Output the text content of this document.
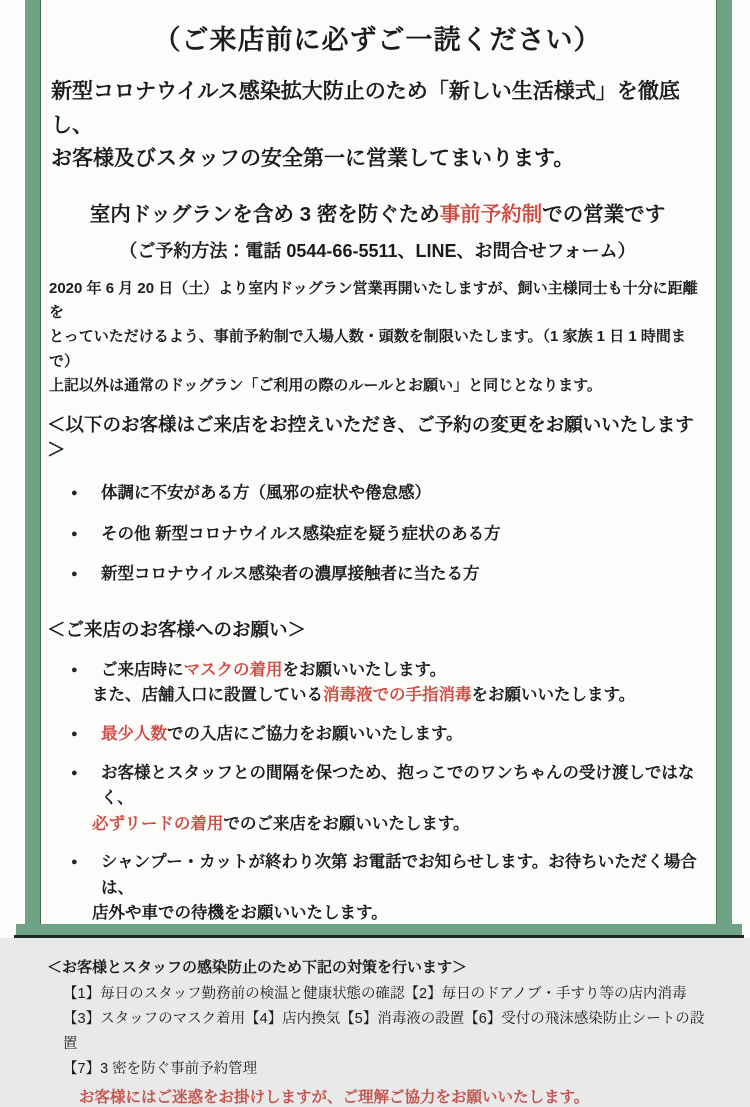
（ご来店前に必ずご一読ください）
新型コロナウイルス感染拡大防止のため「新しい生活様式」を徹底し、
お客様及びスタッフの安全第一に営業してまいります。
室内ドッグランを含め 3 密を防ぐため事前予約制での営業です
（ご予約方法：電話 0544-66-5511、LINE、お問合せフォーム）
2020 年 6 月 20 日（土）より室内ドッグラン営業再開いたしますが、飼い主様同士も十分に距離を
とっていただけるよう、事前予約制で入場人数・頭数を制限いたします。（1 家族 1 日 1 時間まで）
上記以外は通常のドッグラン「ご利用の際のルールとお願い」と同じとなります。
＜以下のお客様はご来店をお控えいただき、ご予約の変更をお願いいたします＞
●	体調に不安がある方（風邪の症状や倦怠感）
●	その他 新型コロナウイルス感染症を疑う症状のある方
●	新型コロナウイルス感染者の濃厚接触者に当たる方
＜ご来店のお客様へのお願い＞
●	ご来店時にマスクの着用をお願いいたします。
また、店舗入口に設置している消毒液での手指消毒をお願いいたします。
●	最少人数での入店にご協力をお願いいたします。
●	お客様とスタッフとの間隔を保つため、抱っこでのワンちゃんの受け渡しではなく、
必ずリードの着用でのご来店をお願いいたします。
●	シャンプー・カットが終わり次第 お電話でお知らせします。お待ちいただく場合は、
店外や車での待機をお願いいたします。
＜お客様とスタッフの感染防止のため下記の対策を行います＞
【1】毎日のスタッフ勤務前の検温と健康状態の確認【2】毎日のドアノブ・手すり等の店内消毒
【3】スタッフのマスク着用【4】店内換気【5】消毒液の設置【6】受付の飛沫感染防止シートの設置
【7】3 密を防ぐ事前予約管理
お客様にはご迷惑をお掛けしますが、ご理解ご協力をお願いいたします。
